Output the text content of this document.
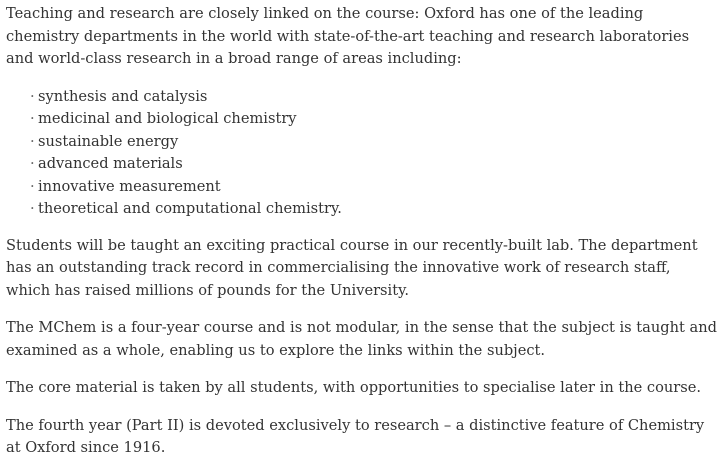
Teaching and research are closely linked on the course: Oxford has one of the leading chemistry departments in the world with state-of-the-art teaching and research laboratories and world-class research in a broad range of areas including:

· synthesis and catalysis
· medicinal and biological chemistry
· sustainable energy
· advanced materials
· innovative measurement
· theoretical and computational chemistry.

Students will be taught an exciting practical course in our recently-built lab. The department has an outstanding track record in commercialising the innovative work of research staff, which has raised millions of pounds for the University.

The MChem is a four-year course and is not modular, in the sense that the subject is taught and examined as a whole, enabling us to explore the links within the subject.

The core material is taken by all students, with opportunities to specialise later in the course.

The fourth year (Part II) is devoted exclusively to research – a distinctive feature of Chemistry at Oxford since 1916.
